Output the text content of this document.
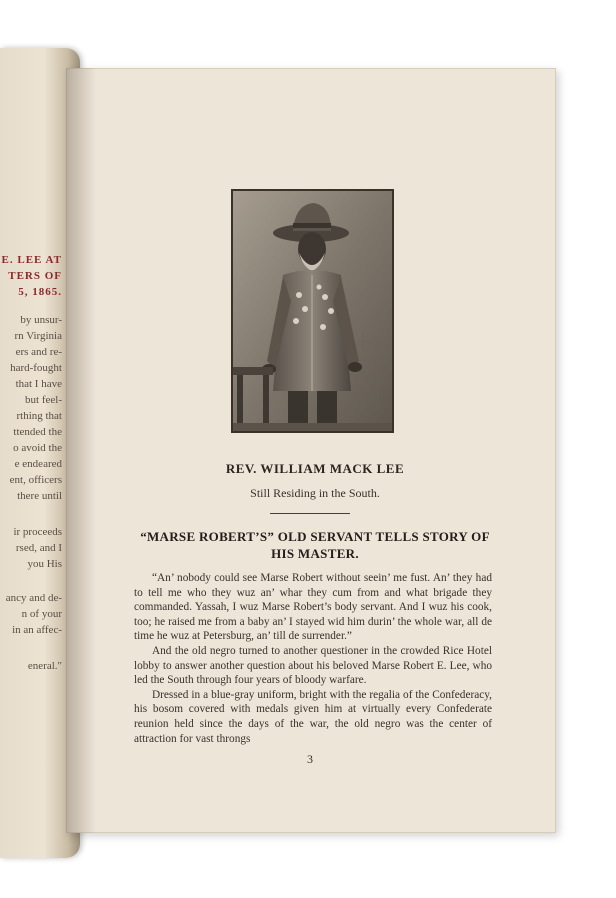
E. LEE AT
TERS OF
5, 1865.
by unsur-
rn Virginia
ers and re-
hard-fought
that I have
but feel-
rthing that
ttended the
o avoid the
e endeared
ent, officers
there until
ir proceeds
rsed, and I
you His
ancy and de-
n of your
in an affec-
eneral."
REV. WILLIAM MACK LEE
Still Residing in the South.
“MARSE ROBERT’S” OLD SERVANT TELLS STORY OF HIS MASTER.

“An’ nobody could see Marse Robert without seein’ me fust. An’ they had to tell me who they wuz an’ whar they cum from and what brigade they commanded. Yassah, I wuz Marse Robert’s body servant. And I wuz his cook, too; he raised me from a baby an’ I stayed wid him durin’ the whole war, all de time he wuz at Petersburg, an’ till de surrender.”

And the old negro turned to another questioner in the crowded Rice Hotel lobby to answer another question about his beloved Marse Robert E. Lee, who led the South through four years of bloody warfare.

Dressed in a blue-gray uniform, bright with the regalia of the Confederacy, his bosom covered with medals given him at virtually every Confederate reunion held since the days of the war, the old negro was the center of attraction for vast throngs

3
